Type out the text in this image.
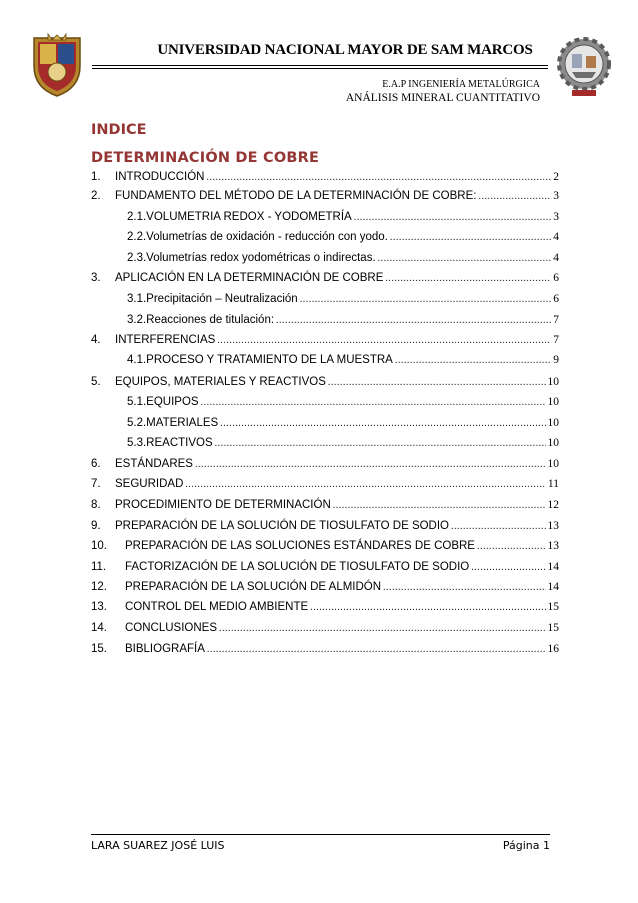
UNIVERSIDAD NACIONAL MAYOR DE SAM MARCOS
E.A.P INGENIERÍA METALÚRGICA
ANÁLISIS MINERAL CUANTITATIVO
INDICE
DETERMINACIÓN DE COBRE
1.	INTRODUCCIÓN .....	2
2.	FUNDAMENTO DEL MÉTODO DE LA DETERMINACIÓN DE COBRE: .....	3
2.1.VOLUMETRIA REDOX - YODOMETRÍA .....	3
2.2.Volumetrías de oxidación - reducción con yodo. .....	4
2.3.Volumetrías redox yodométricas o indirectas. .....	4
3.	APLICACIÓN EN LA DETERMINACIÓN DE COBRE .....	6
3.1.Precipitación – Neutralización .....	6
3.2.Reacciones de titulación: .....	7
4.	INTERFERENCIAS .....	7
4.1.PROCESO Y TRATAMIENTO DE LA MUESTRA .....	9
5.	EQUIPOS, MATERIALES Y REACTIVOS .....	10
5.1.EQUIPOS .....	10
5.2.MATERIALES .....	10
5.3.REACTIVOS .....	10
6.	ESTÁNDARES .....	10
7.	SEGURIDAD .....	11
8.	PROCEDIMIENTO DE DETERMINACIÓN .....	12
9.	PREPARACIÓN DE LA SOLUCIÓN DE TIOSULFATO DE SODIO .....	13
10.	PREPARACIÓN DE LAS SOLUCIONES ESTÁNDARES DE COBRE .....	13
11.	FACTORIZACIÓN DE LA SOLUCIÓN DE TIOSULFATO DE SODIO .....	14
12.	PREPARACIÓN DE LA SOLUCIÓN DE ALMIDÓN .....	14
13.	CONTROL DEL MEDIO AMBIENTE .....	15
14.	CONCLUSIONES .....	15
15.	BIBLIOGRAFÍA .....	16
LARA SUAREZ JOSÉ LUIS	Página 1
